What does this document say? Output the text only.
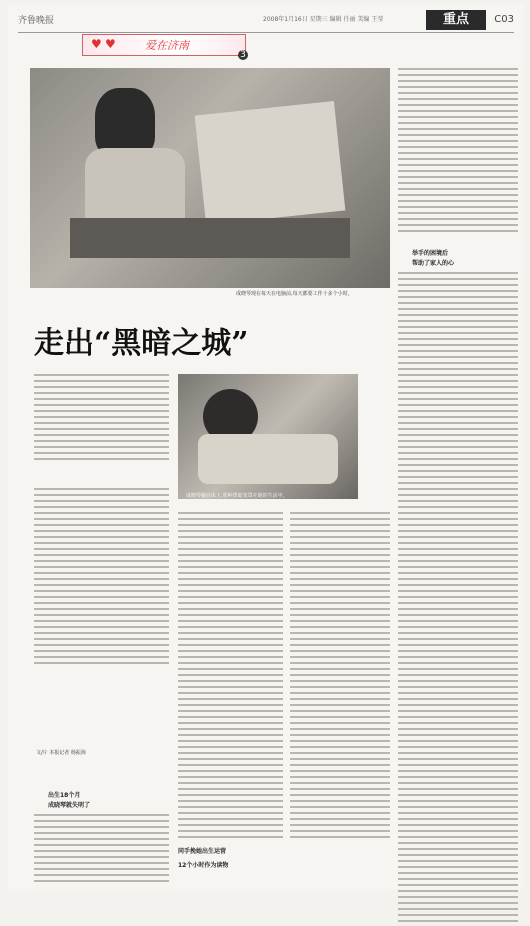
齐鲁晚报	2008年1月16日 星期三 编辑 任丽 美编 王莹	重点	C03
♥ ♥	爱在济南
3
成晓琴现在每天在电脑前,每天都要工作十多个小时。
走出“黑暗之城”
举手的困境后
帮助了家人的心
文/片 本报记者 杨振海
出生18个月
成晓琴就失明了
成晓琴躺在床上,那种黑暗笼罩在她的生活中。
同手挽她出生运营
12个小时作为读物
